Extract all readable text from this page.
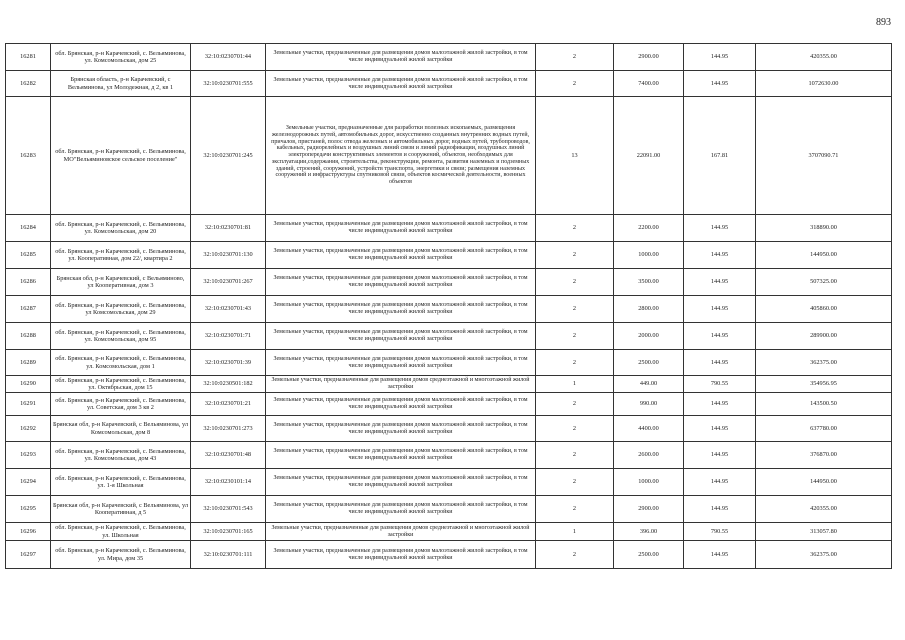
893
16281	обл. Брянская, р-н Карачевский, с. Вельяминова, ул. Комсомольская, дом 25	32:10:0230701:44	Земельные участки, предназначенные для размещения домов малоэтажной жилой застройки, в том числе индивидуальной жилой застройки	2	2900.00	144.95	420355.00
16282	Брянская область, р-н Карачевский, с Вельяминова, ул Молодежная, д 2, кв 1	32:10:0230701:555	Земельные участки, предназначенные для размещения домов малоэтажной жилой застройки, в том числе индивидуальной жилой застройки	2	7400.00	144.95	1072630.00
16283	обл. Брянская, р-н Карачевский, с. Вельяминова, МО"Вельяминовское сельское поселение"	32:10:0230701:245	Земельные участки, предназначенные для разработки полезных ископаемых, размещения железнодорожных путей, автомобильных дорог, искусственно созданных внутренних водных путей, причалов, пристаней, полос отвода железных и автомобильных дорог, водных путей, трубопроводов, кабельных, радиорелейных и воздушных линий связи и линий радиофикации, воздушных линий электропередачи конструктивных элементов и сооружений, объектов, необходимых для эксплуатации,содержания, строительства, реконструкции, ремонта, развития наземных и подземных зданий, строений, сооружений, устройств транспорта, энергетики и связи; размещения наземных сооружений и инфраструктуры спутниковой связи, объектов космической деятельности, военных объектов	13	22091.00	167.81	3707090.71
16284	обл. Брянская, р-н Карачевский, с. Вельяминова, ул. Комсомольская, дом 20	32:10:0230701:81	Земельные участки, предназначенные для размещения домов малоэтажной жилой застройки, в том числе индивидуальной жилой застройки	2	2200.00	144.95	318890.00
16285	обл. Брянская, р-н Карачевский, с. Вельяминова, ул. Кооперативная, дом 22/, квартира 2	32:10:0230701:130	Земельные участки, предназначенные для размещения домов малоэтажной жилой застройки, в том числе индивидуальной жилой застройки	2	1000.00	144.95	144950.00
16286	Брянская обл, р-н Карачевский, с Вельяминово, ул Кооперативная, дом 3	32:10:0230701:267	Земельные участки, предназначенные для размещения домов малоэтажной жилой застройки, в том числе индивидуальной жилой застройки	2	3500.00	144.95	507325.00
16287	обл. Брянская, р-н Карачевский, с. Вельяминова, ул Комсомольская, дом 29	32:10:0230701:43	Земельные участки, предназначенные для размещения домов малоэтажной жилой застройки, в том числе индивидуальной жилой застройки	2	2800.00	144.95	405860.00
16288	обл. Брянская, р-н Карачевский, с. Вельяминова, ул. Комсомольская, дом 95	32:10:0230701:71	Земельные участки, предназначенные для размещения домов малоэтажной жилой застройки, в том числе индивидуальной жилой застройки	2	2000.00	144.95	289900.00
16289	обл. Брянская, р-н Карачевский, с. Вельяминова, ул. Комсомольская, дом 1	32:10:0230701:39	Земельные участки, предназначенные для размещения домов малоэтажной жилой застройки, в том числе индивидуальной жилой застройки	2	2500.00	144.95	362375.00
16290	обл. Брянская, р-н Карачевский, с. Вельяминова, ул. Октябрьская, дом 15	32:10:0230501:182	Земельные участки, предназначенные для размещения домов среднеэтажной и многоэтажной жилой застройки	1	449.00	790.55	354956.95
16291	обл. Брянская, р-н Карачевский, с. Вельяминова, ул. Советская, дом 3 кв 2	32:10:0230701:21	Земельные участки, предназначенные для размещения домов малоэтажной жилой застройки, в том числе индивидуальной жилой застройки	2	990.00	144.95	143500.50
16292	Брянская обл, р-н Карачевский, с Вельяминова, ул Комсомольская, дом 8	32:10:0230701:273	Земельные участки, предназначенные для размещения домов малоэтажной жилой застройки, в том числе индивидуальной жилой застройки	2	4400.00	144.95	637780.00
16293	обл. Брянская, р-н Карачевский, с. Вельяминова, ул. Комсомольская, дом 43	32:10:0230701:48	Земельные участки, предназначенные для размещения домов малоэтажной жилой застройки, в том числе индивидуальной жилой застройки	2	2600.00	144.95	376870.00
16294	обл. Брянская, р-н Карачевский, с. Вельяминова, ул. 1-я Школьная	32:10:0230101:14	Земельные участки, предназначенные для размещения домов малоэтажной жилой застройки, в том числе индивидуальной жилой застройки	2	1000.00	144.95	144950.00
16295	Брянская обл, р-н Карачевский, с Вельяминова, ул Кооперативная, д 5	32:10:0230701:543	Земельные участки, предназначенные для размещения домов малоэтажной жилой застройки, в том числе индивидуальной жилой застройки	2	2900.00	144.95	420355.00
16296	обл. Брянская, р-н Карачевский, с. Вельяминова, ул. Школьная	32:10:0230701:165	Земельные участки, предназначенные для размещения домов среднеэтажной и многоэтажной жилой застройки	1	396.00	790.55	313057.80
16297	обл. Брянская, р-н Карачевский, с. Вельяминова, ул. Мира, дом 35	32:10:0230701:111	Земельные участки, предназначенные для размещения домов малоэтажной жилой застройки, в том числе индивидуальной жилой застройки	2	2500.00	144.95	362375.00
